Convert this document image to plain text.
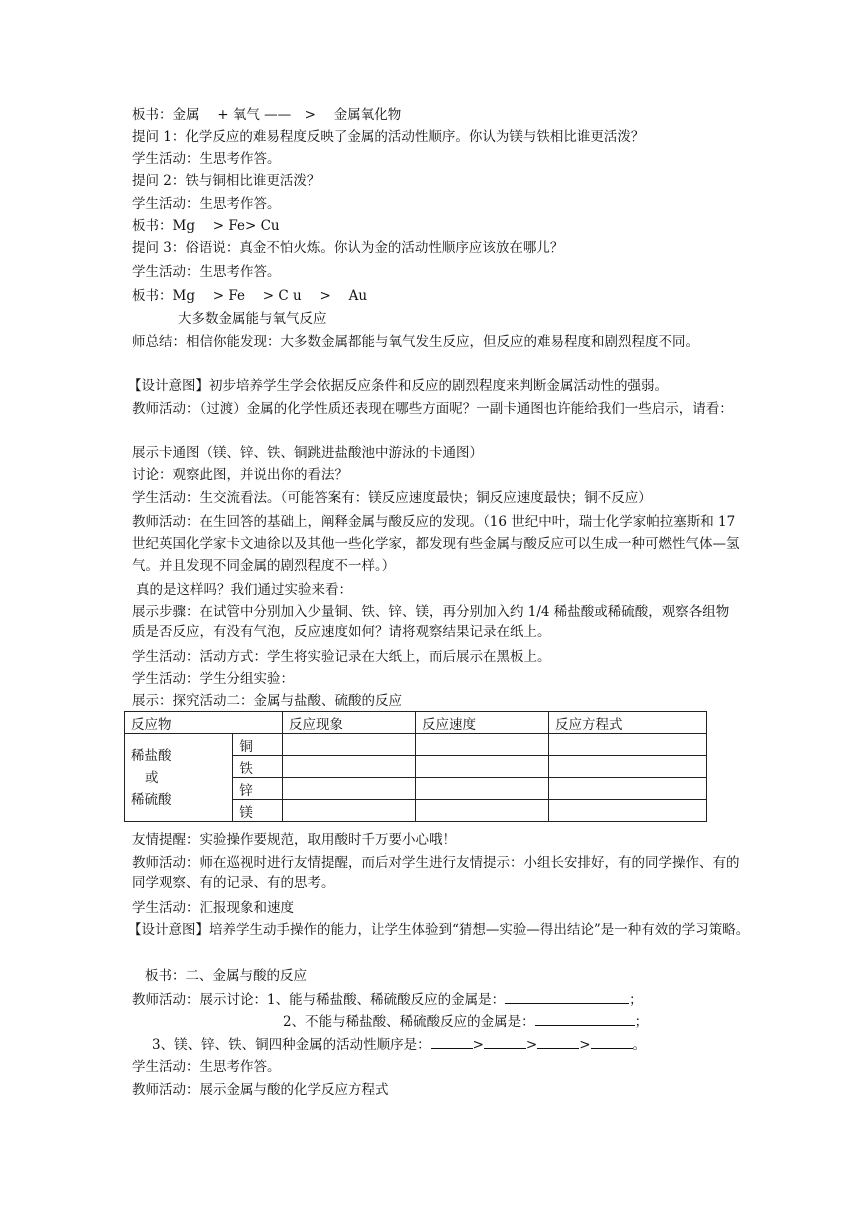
板书：金属　 + 氧气 ——　>　 金属氧化物
提问 1：化学反应的难易程度反映了金属的活动性顺序。你认为镁与铁相比谁更活泼？
学生活动：生思考作答。
提问 2：铁与铜相比谁更活泼？
学生活动：生思考作答。
板书：Mg　 > Fe> Cu
提问 3：俗语说：真金不怕火炼。你认为金的活动性顺序应该放在哪儿？
学生活动：生思考作答。
板书：Mg　 > Fe　 > C u　 >　 Au
大多数金属能与氧气反应
师总结：相信你能发现：大多数金属都能与氧气发生反应，但反应的难易程度和剧烈程度不同。
【设计意图】初步培养学生学会依据反应条件和反应的剧烈程度来判断金属活动性的强弱。
教师活动：（过渡）金属的化学性质还表现在哪些方面呢？一副卡通图也许能给我们一些启示，请看：
展示卡通图（镁、锌、铁、铜跳进盐酸池中游泳的卡通图）
讨论：观察此图，并说出你的看法？
学生活动：生交流看法。（可能答案有：镁反应速度最快；铜反应速度最快；铜不反应）
教师活动：在生回答的基础上，阐释金属与酸反应的发现。（16 世纪中叶，瑞士化学家帕拉塞斯和 17 世纪英国化学家卡文迪徐以及其他一些化学家，都发现有些金属与酸反应可以生成一种可燃性气体—氢气。并且发现不同金属的剧烈程度不一样。）
真的是这样吗？我们通过实验来看：
展示步骤：在试管中分别加入少量铜、铁、锌、镁，再分别加入约 1/4 稀盐酸或稀硫酸，观察各组物质是否反应，有没有气泡，反应速度如何？请将观察结果记录在纸上。
学生活动：活动方式：学生将实验记录在大纸上，而后展示在黑板上。
学生活动：学生分组实验：
展示：探究活动二：金属与盐酸、硫酸的反应
反应物		反应现象	反应速度	反应方程式

稀盐酸
或
稀硫酸	铜			
	铁			
	锌			
	镁			
友情提醒：实验操作要规范，取用酸时千万要小心哦！
教师活动：师在巡视时进行友情提醒，而后对学生进行友情提示：小组长安排好，有的同学操作、有的同学观察、有的记录、有的思考。
学生活动：汇报现象和速度
【设计意图】培养学生动手操作的能力，让学生体验到“猜想—实验—得出结论”是一种有效的学习策略。
板书：二、金属与酸的反应
教师活动：展示讨论：1、能与稀盐酸、稀硫酸反应的金属是：	；
2、不能与稀盐酸、稀硫酸反应的金属是：	；
3、镁、锌、铁、铜四种金属的活动性顺序是：	>	>	>	。
学生活动：生思考作答。
教师活动：展示金属与酸的化学反应方程式
